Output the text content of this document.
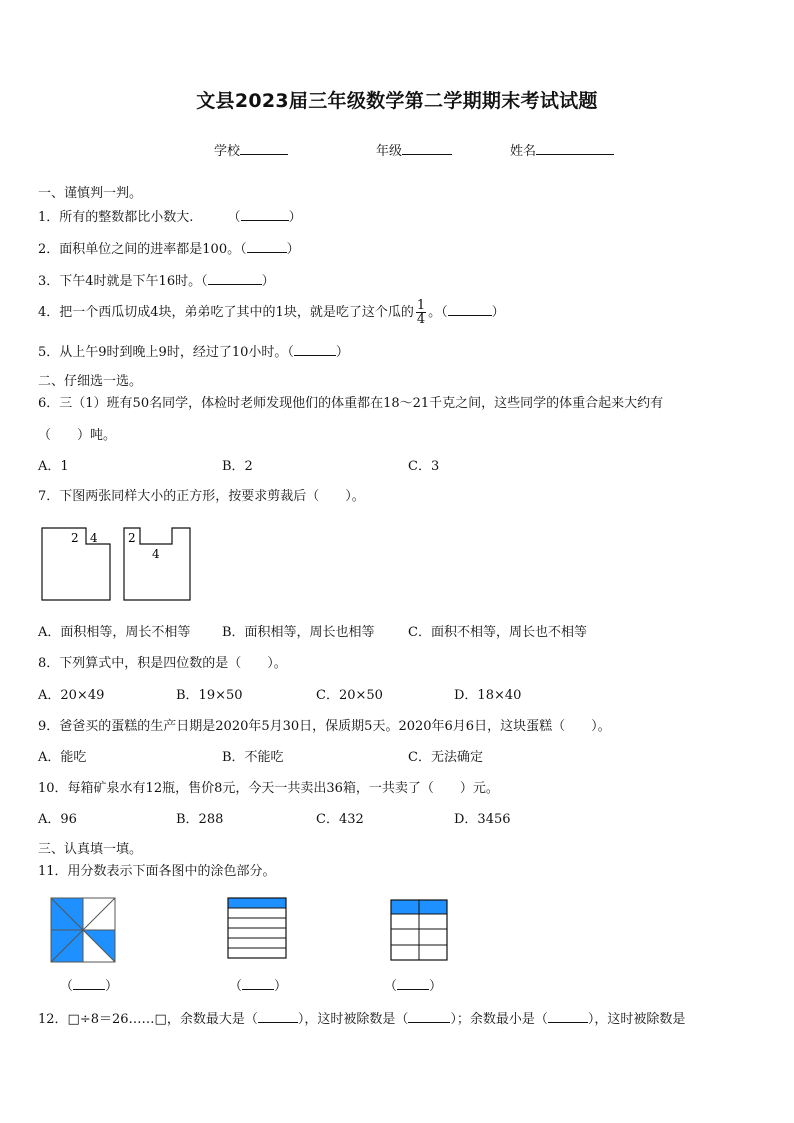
文县2023届三年级数学第二学期期末考试试题
学校	年级	姓名
一、谨慎判一判。
1．所有的整数都比小数大.	（	）
2．面积单位之间的进率都是100。（	）
3．下午4时就是下午16时。（	）
4．把一个西瓜切成4块，弟弟吃了其中的1块，就是吃了这个瓜的 $\frac{1}{4}$ 。（	）
5．从上午9时到晚上9时，经过了10小时。（	）
二、仔细选一选。
6．三（1）班有50名同学，体检时老师发现他们的体重都在18～21千克之间，这些同学的体重合起来大约有
（　　）吨。
A．1	B．2	C．3
7．下图两张同样大小的正方形，按要求剪裁后（　　）。
2 4	2
4
A．面积相等，周长不相等 B．面积相等，周长也相等	C．面积不相等，周长也不相等
8．下列算式中，积是四位数的是（　　）。
A．20×49	B．19×50	C．20×50	D．18×40
9．爸爸买的蛋糕的生产日期是2020年5月30日，保质期5天。2020年6月6日，这块蛋糕（　　）。
A．能吃	B．不能吃	C．无法确定
10．每箱矿泉水有12瓶，售价8元，今天一共卖出36箱，一共卖了（　　）元。
A．96	B．288	C．432	D．3456
三、认真填一填。
11．用分数表示下面各图中的涂色部分。
（ ）	（ ）	（ ）
12．□÷8＝26……□，余数最大是（	），这时被除数是（	）；余数最小是（	），这时被除数是
